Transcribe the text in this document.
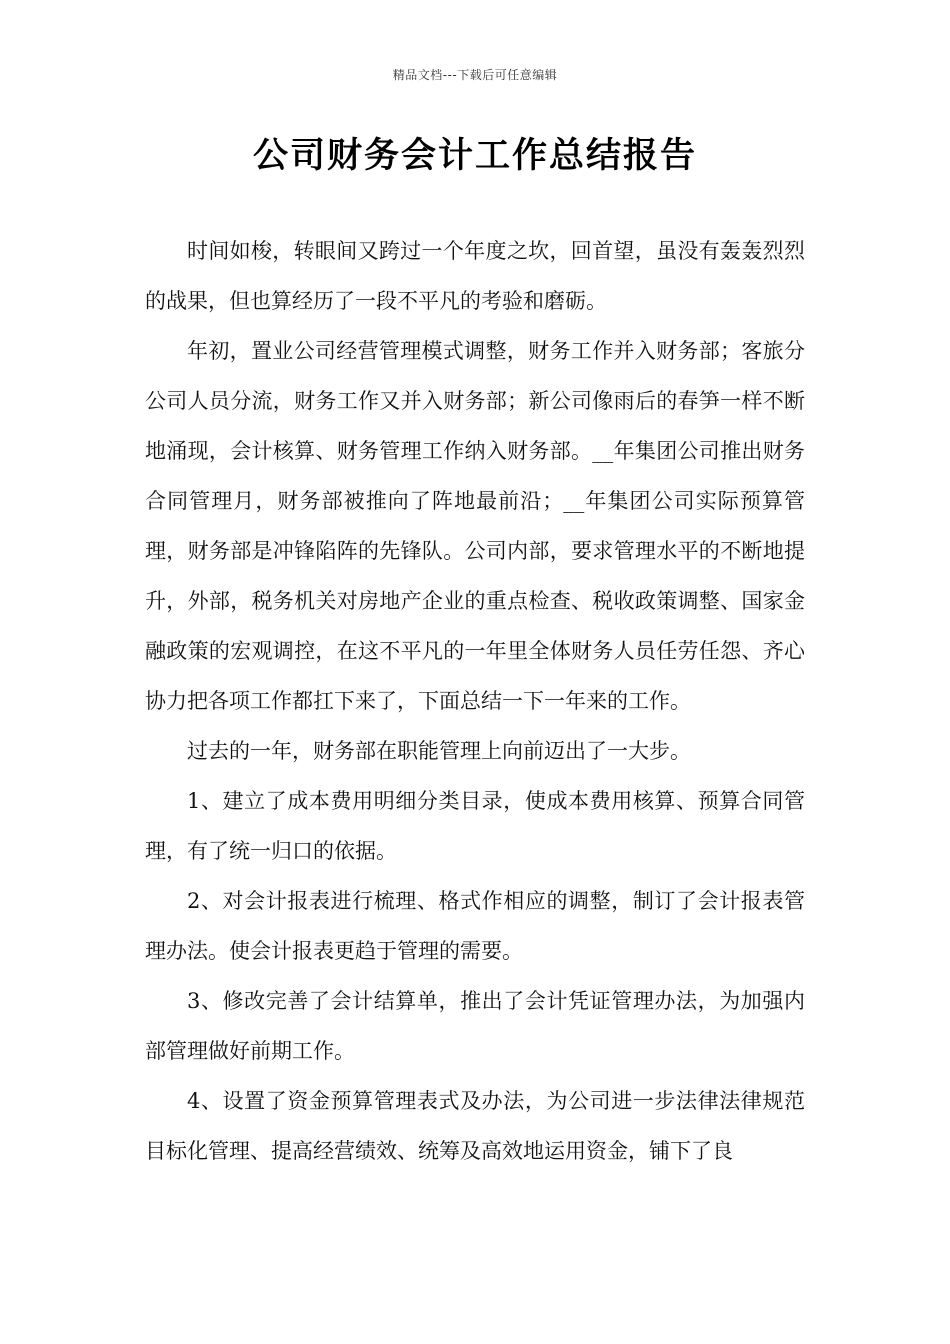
精品文档---下载后可任意编辑
公司财务会计工作总结报告

时间如梭，转眼间又跨过一个年度之坎，回首望，虽没有轰轰烈烈的战果，但也算经历了一段不平凡的考验和磨砺。

年初，置业公司经营管理模式调整，财务工作并入财务部；客旅分公司人员分流，财务工作又并入财务部；新公司像雨后的春笋一样不断地涌现，会计核算、财务管理工作纳入财务部。__年集团公司推出财务合同管理月，财务部被推向了阵地最前沿；__年集团公司实际预算管理，财务部是冲锋陷阵的先锋队。公司内部，要求管理水平的不断地提升，外部，税务机关对房地产企业的重点检查、税收政策调整、国家金融政策的宏观调控，在这不平凡的一年里全体财务人员任劳任怨、齐心协力把各项工作都扛下来了，下面总结一下一年来的工作。

过去的一年，财务部在职能管理上向前迈出了一大步。

1、建立了成本费用明细分类目录，使成本费用核算、预算合同管理，有了统一归口的依据。

2、对会计报表进行梳理、格式作相应的调整，制订了会计报表管理办法。使会计报表更趋于管理的需要。

3、修改完善了会计结算单，推出了会计凭证管理办法，为加强内部管理做好前期工作。

4、设置了资金预算管理表式及办法，为公司进一步法律法律规范目标化管理、提高经营绩效、统筹及高效地运用资金，铺下了良
